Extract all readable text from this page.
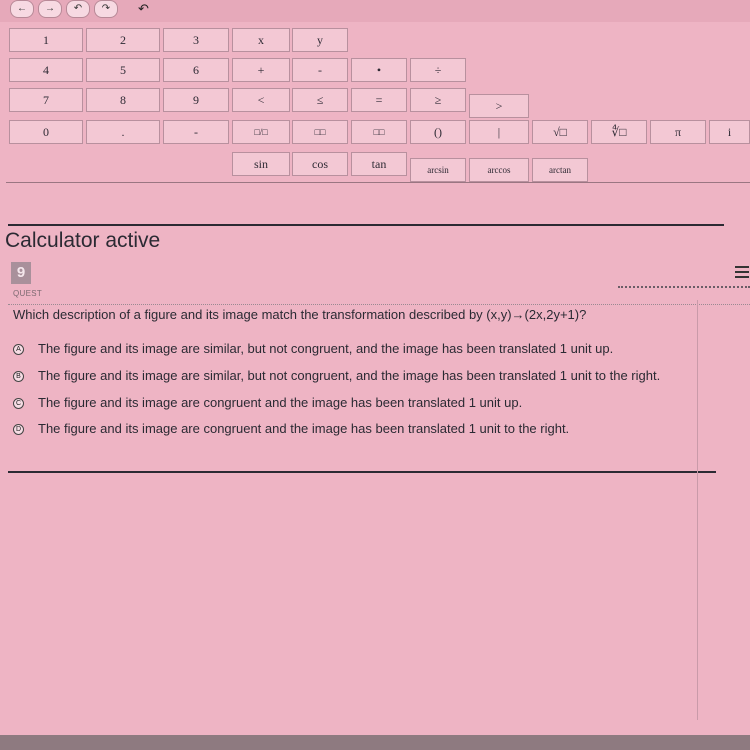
←	→	↶	↷	↶
1	2	3	x	y
4	5	6	+	-	•	÷
7	8	9	<	≤	=	≥	>
0	.	-	□/□	□□	□□	()	|	√□	∜□	π	i
sin	cos	tan	arcsin	arccos	arctan
Calculator active
9
QUEST
Which description of a figure and its image match the transformation described by (x,y)→(2x,2y+1)?
A The figure and its image are similar, but not congruent, and the image has been translated 1 unit up.
B The figure and its image are similar, but not congruent, and the image has been translated 1 unit to the right.
C The figure and its image are congruent and the image has been translated 1 unit up.
D The figure and its image are congruent and the image has been translated 1 unit to the right.
